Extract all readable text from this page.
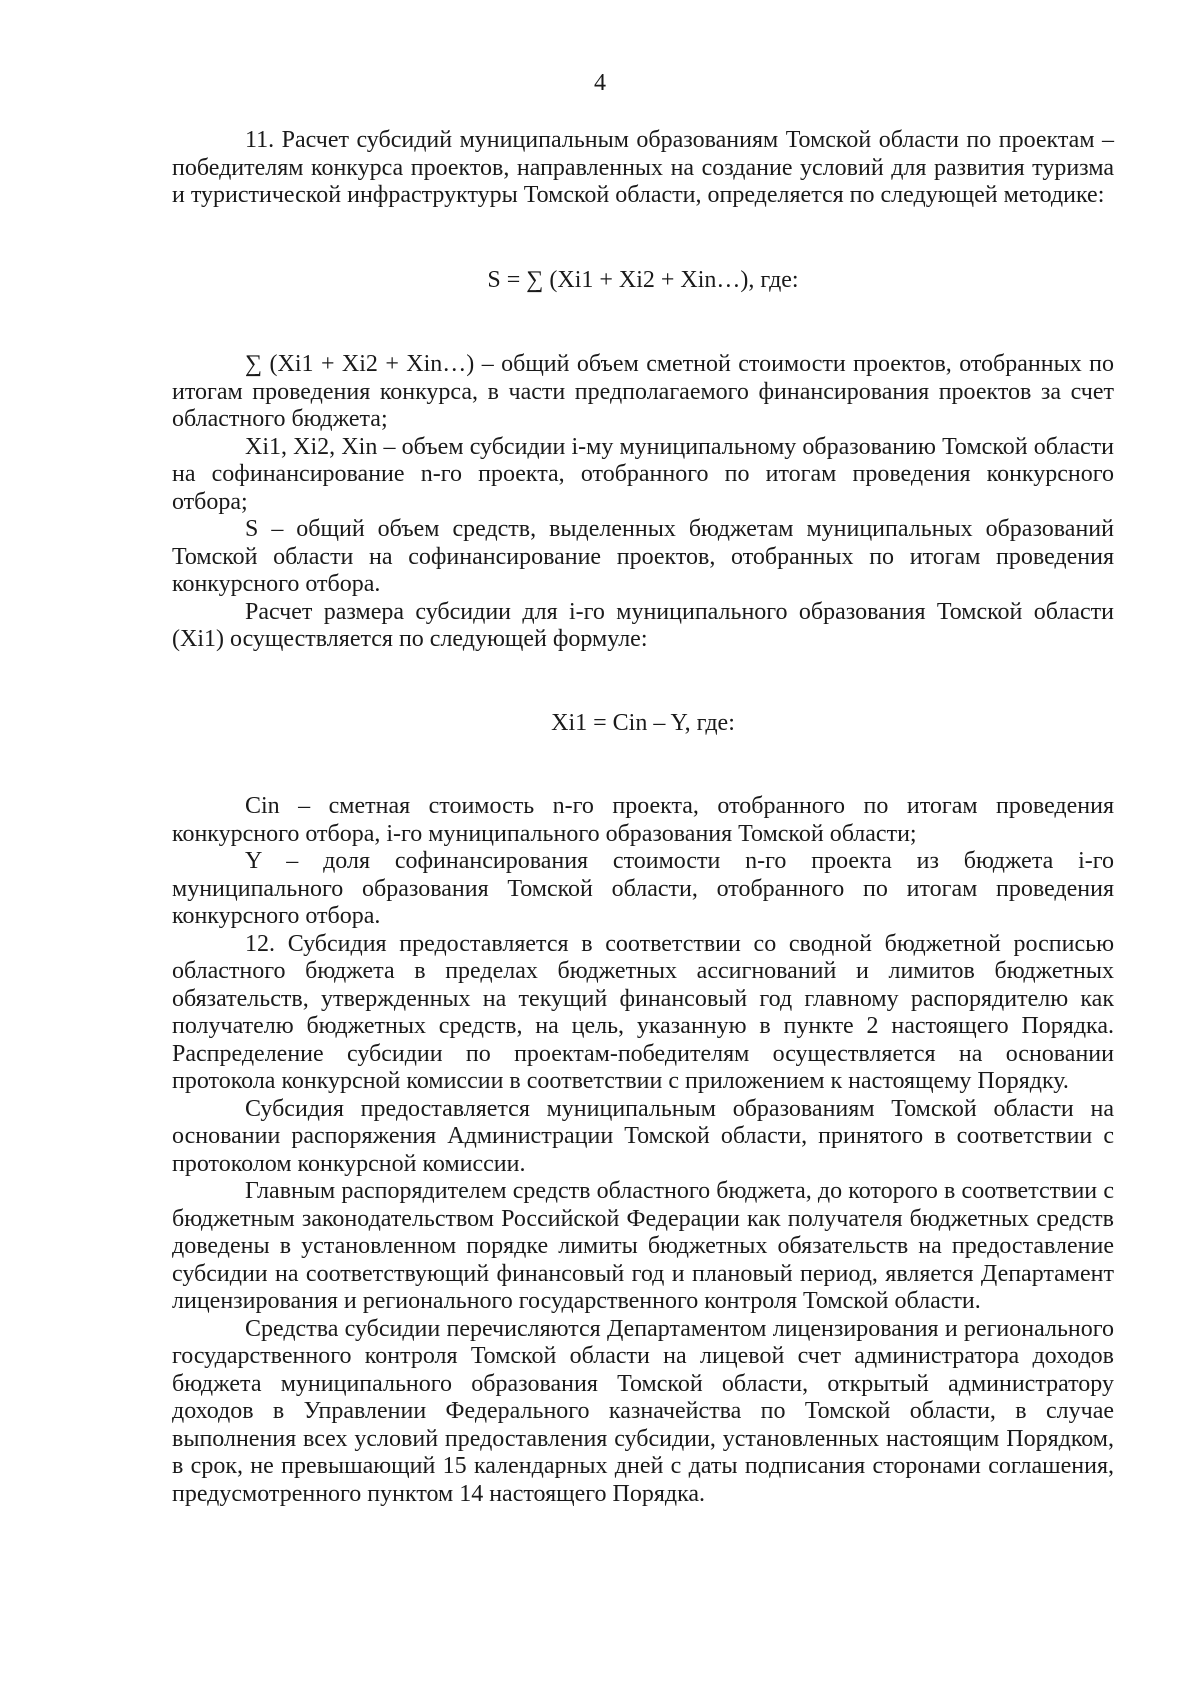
4

11. Расчет субсидий муниципальным образованиям Томской области по проектам – победителям конкурса проектов, направленных на создание условий для развития туризма и туристической инфраструктуры Томской области, определяется по следующей методике:

S = ∑ (Xi1 + Xi2 + Xin…), где:

∑ (Xi1 + Xi2 + Xin…) – общий объем сметной стоимости проектов, отобранных по итогам проведения конкурса, в части предполагаемого финансирования проектов за счет областного бюджета;

Xi1, Xi2, Xin – объем субсидии i-му муниципальному образованию Томской области на софинансирование n-го проекта, отобранного по итогам проведения конкурсного отбора;

S – общий объем средств, выделенных бюджетам муниципальных образований Томской области на софинансирование проектов, отобранных по итогам проведения конкурсного отбора.

Расчет размера субсидии для i-го муниципального образования Томской области (Xi1) осуществляется по следующей формуле:

Xi1 = Cin – Y, где:

Cin – сметная стоимость n-го проекта, отобранного по итогам проведения конкурсного отбора, i-го муниципального образования Томской области;

Y – доля софинансирования стоимости n-го проекта из бюджета i-го муниципального образования Томской области, отобранного по итогам проведения конкурсного отбора.

12. Субсидия предоставляется в соответствии со сводной бюджетной росписью областного бюджета в пределах бюджетных ассигнований и лимитов бюджетных обязательств, утвержденных на текущий финансовый год главному распорядителю как получателю бюджетных средств, на цель, указанную в пункте 2 настоящего Порядка. Распределение субсидии по проектам-победителям осуществляется на основании протокола конкурсной комиссии в соответствии с приложением к настоящему Порядку.

Субсидия предоставляется муниципальным образованиям Томской области на основании распоряжения Администрации Томской области, принятого в соответствии с протоколом конкурсной комиссии.

Главным распорядителем средств областного бюджета, до которого в соответствии с бюджетным законодательством Российской Федерации как получателя бюджетных средств доведены в установленном порядке лимиты бюджетных обязательств на предоставление субсидии на соответствующий финансовый год и плановый период, является Департамент лицензирования и регионального государственного контроля Томской области.

Средства субсидии перечисляются Департаментом лицензирования и регионального государственного контроля Томской области на лицевой счет администратора доходов бюджета муниципального образования Томской области, открытый администратору доходов в Управлении Федерального казначейства по Томской области, в случае выполнения всех условий предоставления субсидии, установленных настоящим Порядком, в срок, не превышающий 15 календарных дней с даты подписания сторонами соглашения, предусмотренного пунктом 14 настоящего Порядка.
